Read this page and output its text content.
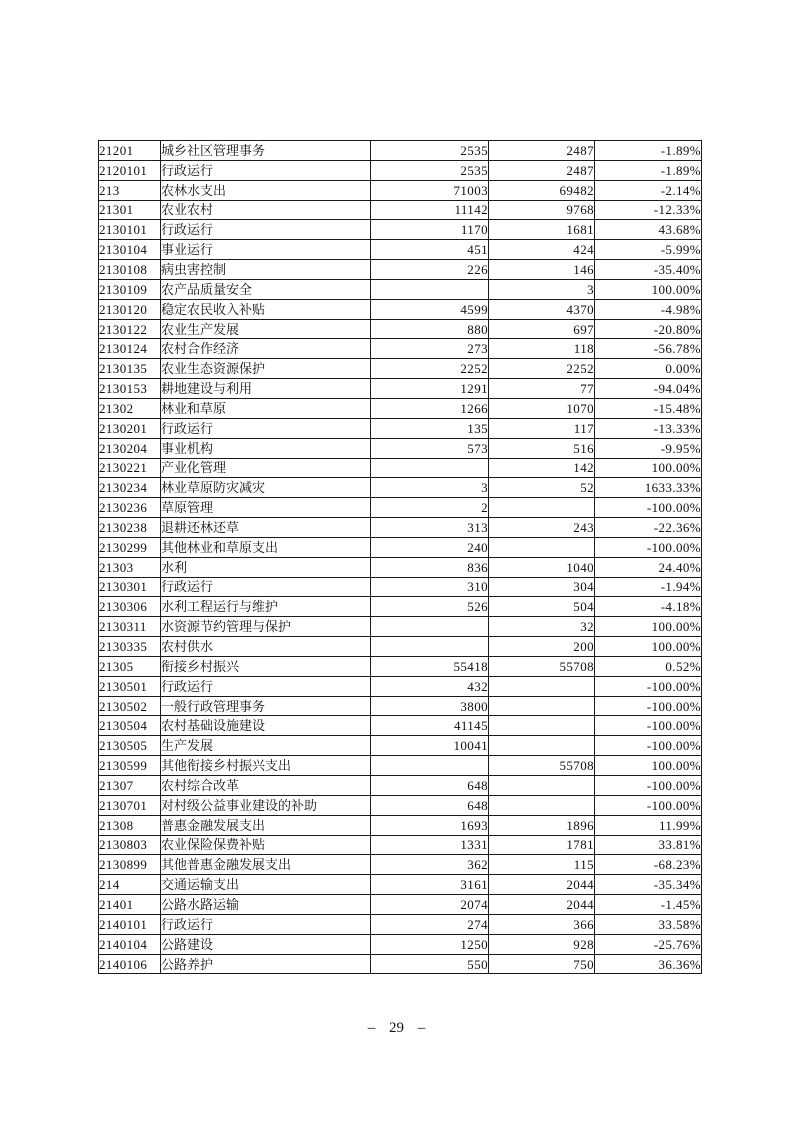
21201	城乡社区管理事务	2535	2487	-1.89%
2120101	行政运行	2535	2487	-1.89%
213	农林水支出	71003	69482	-2.14%
21301	农业农村	11142	9768	-12.33%
2130101	行政运行	1170	1681	43.68%
2130104	事业运行	451	424	-5.99%
2130108	病虫害控制	226	146	-35.40%
2130109	农产品质量安全		3	100.00%
2130120	稳定农民收入补贴	4599	4370	-4.98%
2130122	农业生产发展	880	697	-20.80%
2130124	农村合作经济	273	118	-56.78%
2130135	农业生态资源保护	2252	2252	0.00%
2130153	耕地建设与利用	1291	77	-94.04%
21302	林业和草原	1266	1070	-15.48%
2130201	行政运行	135	117	-13.33%
2130204	事业机构	573	516	-9.95%
2130221	产业化管理		142	100.00%
2130234	林业草原防灾减灾	3	52	1633.33%
2130236	草原管理	2		-100.00%
2130238	退耕还林还草	313	243	-22.36%
2130299	其他林业和草原支出	240		-100.00%
21303	水利	836	1040	24.40%
2130301	行政运行	310	304	-1.94%
2130306	水利工程运行与维护	526	504	-4.18%
2130311	水资源节约管理与保护		32	100.00%
2130335	农村供水		200	100.00%
21305	衔接乡村振兴	55418	55708	0.52%
2130501	行政运行	432		-100.00%
2130502	一般行政管理事务	3800		-100.00%
2130504	农村基础设施建设	41145		-100.00%
2130505	生产发展	10041		-100.00%
2130599	其他衔接乡村振兴支出		55708	100.00%
21307	农村综合改革	648		-100.00%
2130701	对村级公益事业建设的补助	648		-100.00%
21308	普惠金融发展支出	1693	1896	11.99%
2130803	农业保险保费补贴	1331	1781	33.81%
2130899	其他普惠金融发展支出	362	115	-68.23%
214	交通运输支出	3161	2044	-35.34%
21401	公路水路运输	2074	2044	-1.45%
2140101	行政运行	274	366	33.58%
2140104	公路建设	1250	928	-25.76%
2140106	公路养护	550	750	36.36%
– 29 –
